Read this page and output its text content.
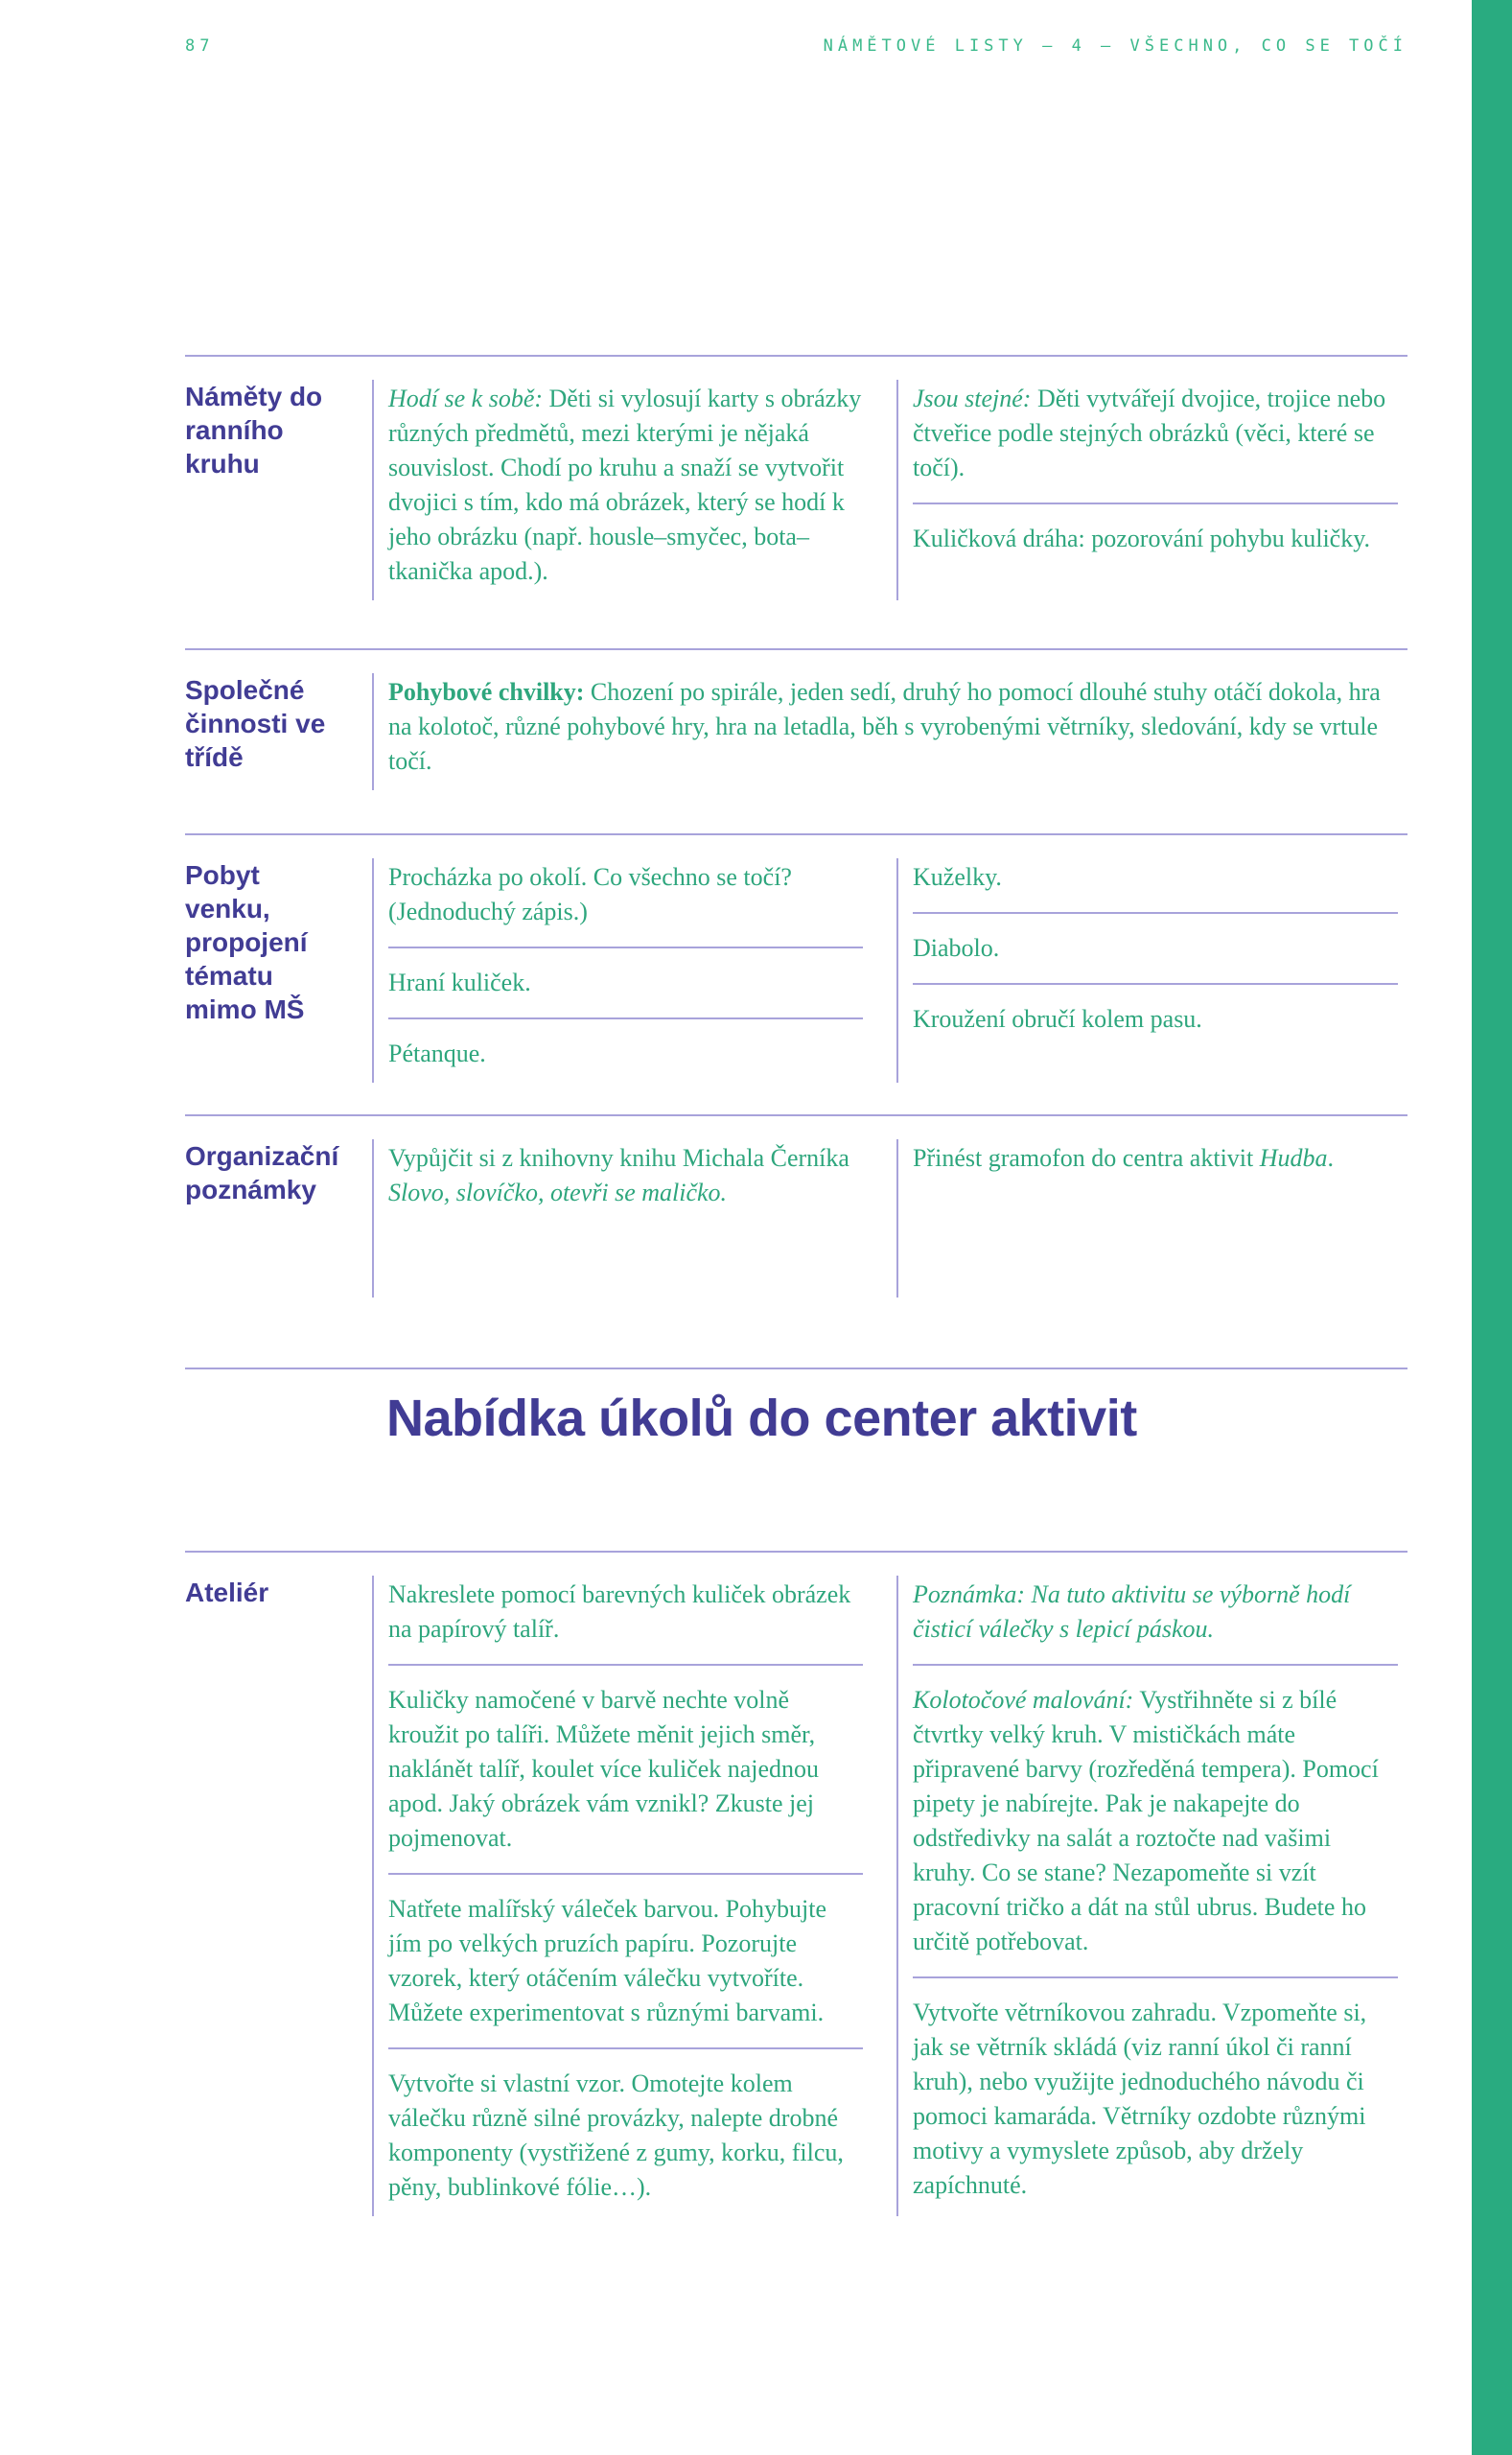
87	NÁMĚTOVÉ LISTY – 4 – VŠECHNO, CO SE TOČÍ
Náměty do ranního kruhu

Hodí se k sobě: Děti si vylosují karty s obrázky různých předmětů, mezi kterými je nějaká souvislost. Chodí po kruhu a snaží se vytvořit dvojici s tím, kdo má obrázek, který se hodí k jeho obrázku (např. housle–smyčec, bota–tkanička apod.).

Jsou stejné: Děti vytvářejí dvojice, trojice nebo čtveřice podle stejných obrázků (věci, které se točí).

Kuličková dráha: pozorování pohybu kuličky.

Společné činnosti ve třídě

Pohybové chvilky: Chození po spirále, jeden sedí, druhý ho pomocí dlouhé stuhy otáčí dokola, hra na kolotoč, různé pohybové hry, hra na letadla, běh s vyrobenými větrníky, sledování, kdy se vrtule točí.

Pobyt venku, propojení tématu mimo MŠ

Procházka po okolí. Co všechno se točí? (Jednoduchý zápis.)

Hraní kuliček.

Pétanque.

Kuželky.

Diabolo.

Kroužení obručí kolem pasu.

Organizační poznámky

Vypůjčit si z knihovny knihu Michala Černíka Slovo, slovíčko, otevři se maličko.

Přinést gramofon do centra aktivit Hudba.

Nabídka úkolů do center aktivit
Ateliér	Nakreslete pomocí barevných kuliček obrázek na papírový talíř.

Kuličky namočené v barvě nechte volně kroužit po talíři. Můžete měnit jejich směr, naklánět talíř, koulet více kuliček najednou apod. Jaký obrázek vám vznikl? Zkuste jej pojmenovat.

Natřete malířský váleček barvou. Pohybujte jím po velkých pruzích papíru. Pozorujte vzorek, který otáčením válečku vytvoříte. Můžete experimentovat s různými barvami.

Vytvořte si vlastní vzor. Omotejte kolem válečku různě silné provázky, nalepte drobné komponenty (vystřižené z gumy, korku, filcu, pěny, bublinkové fólie…).

Poznámka: Na tuto aktivitu se výborně hodí čisticí válečky s lepicí páskou.

Kolotočové malování: Vystřihněte si z bílé čtvrtky velký kruh. V mističkách máte připravené barvy (rozředěná tempera). Pomocí pipety je nabírejte. Pak je nakapejte do odstředivky na salát a roztočte nad vašimi kruhy. Co se stane? Nezapomeňte si vzít pracovní tričko a dát na stůl ubrus. Budete ho určitě potřebovat.

Vytvořte větrníkovou zahradu. Vzpomeňte si, jak se větrník skládá (viz ranní úkol či ranní kruh), nebo využijte jednoduchého návodu či pomoci kamaráda. Větrníky ozdobte různými motivy a vymyslete způsob, aby držely zapíchnuté.
